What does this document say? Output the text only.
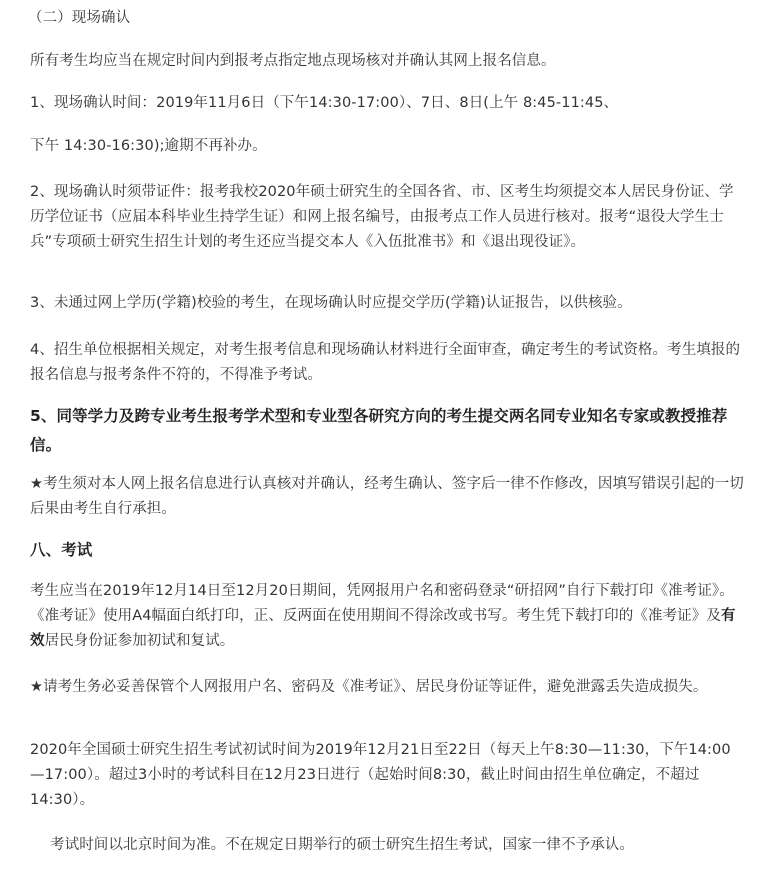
（二）现场确认

所有考生均应当在规定时间内到报考点指定地点现场核对并确认其网上报名信息。

1、现场确认时间：2019年11月6日（下午14:30-17:00）、7日、8日(上午 8:45-11:45、

下午 14:30-16:30);逾期不再补办。

2、现场确认时须带证件：报考我校2020年硕士研究生的全国各省、市、区考生均须提交本人居民身份证、学历学位证书（应届本科毕业生持学生证）和网上报名编号，由报考点工作人员进行核对。报考“退役大学生士兵”专项硕士研究生招生计划的考生还应当提交本人《入伍批准书》和《退出现役证》。

3、未通过网上学历(学籍)校验的考生，在现场确认时应提交学历(学籍)认证报告，以供核验。

4、招生单位根据相关规定，对考生报考信息和现场确认材料进行全面审查，确定考生的考试资格。考生填报的报名信息与报考条件不符的，不得准予考试。

5、同等学力及跨专业考生报考学术型和专业型各研究方向的考生提交两名同专业知名专家或教授推荐信。

★考生须对本人网上报名信息进行认真核对并确认，经考生确认、签字后一律不作修改，因填写错误引起的一切后果由考生自行承担。

八、考试

考生应当在2019年12月14日至12月20日期间，凭网报用户名和密码登录“研招网”自行下载打印《准考证》。《准考证》使用A4幅面白纸打印，正、反两面在使用期间不得涂改或书写。考生凭下载打印的《准考证》及有效居民身份证参加初试和复试。

★请考生务必妥善保管个人网报用户名、密码及《准考证》、居民身份证等证件，避免泄露丢失造成损失。

2020年全国硕士研究生招生考试初试时间为2019年12月21日至22日（每天上午8:30—11:30，下午14:00—17:00）。超过3小时的考试科目在12月23日进行（起始时间8:30，截止时间由招生单位确定，不超过14:30）。

考试时间以北京时间为准。不在规定日期举行的硕士研究生招生考试，国家一律不予承认。
